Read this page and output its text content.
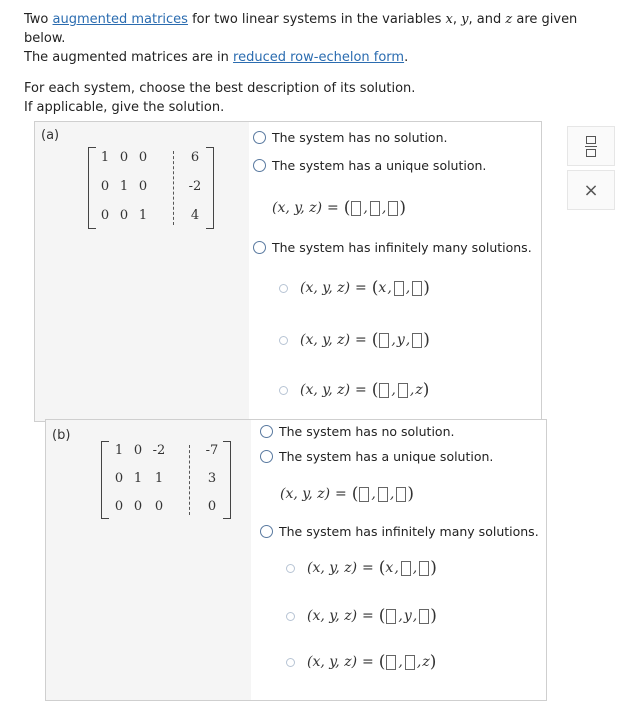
Two augmented matrices for two linear systems in the variables x, y, and z are given below.

The augmented matrices are in reduced row-echelon form.

For each system, choose the best description of its solution.

If applicable, give the solution.

(a)
1 0 0	6
0 1 0	-2
0 0 1	4
The system has no solution.
The system has a unique solution.
(x, y, z) = ( , , )
The system has infinitely many solutions.
(x, y, z) = ( x , , )
(x, y, z) = ( , y , )
(x, y, z) = ( , , z )
(b)
1 0 -2	-7
0 1 1	3
0 0 0	0
The system has no solution.
The system has a unique solution.
(x, y, z) = ( , , )
The system has infinitely many solutions.
(x, y, z) = ( x , , )
(x, y, z) = ( , y , )
(x, y, z) = ( , , z )
×
